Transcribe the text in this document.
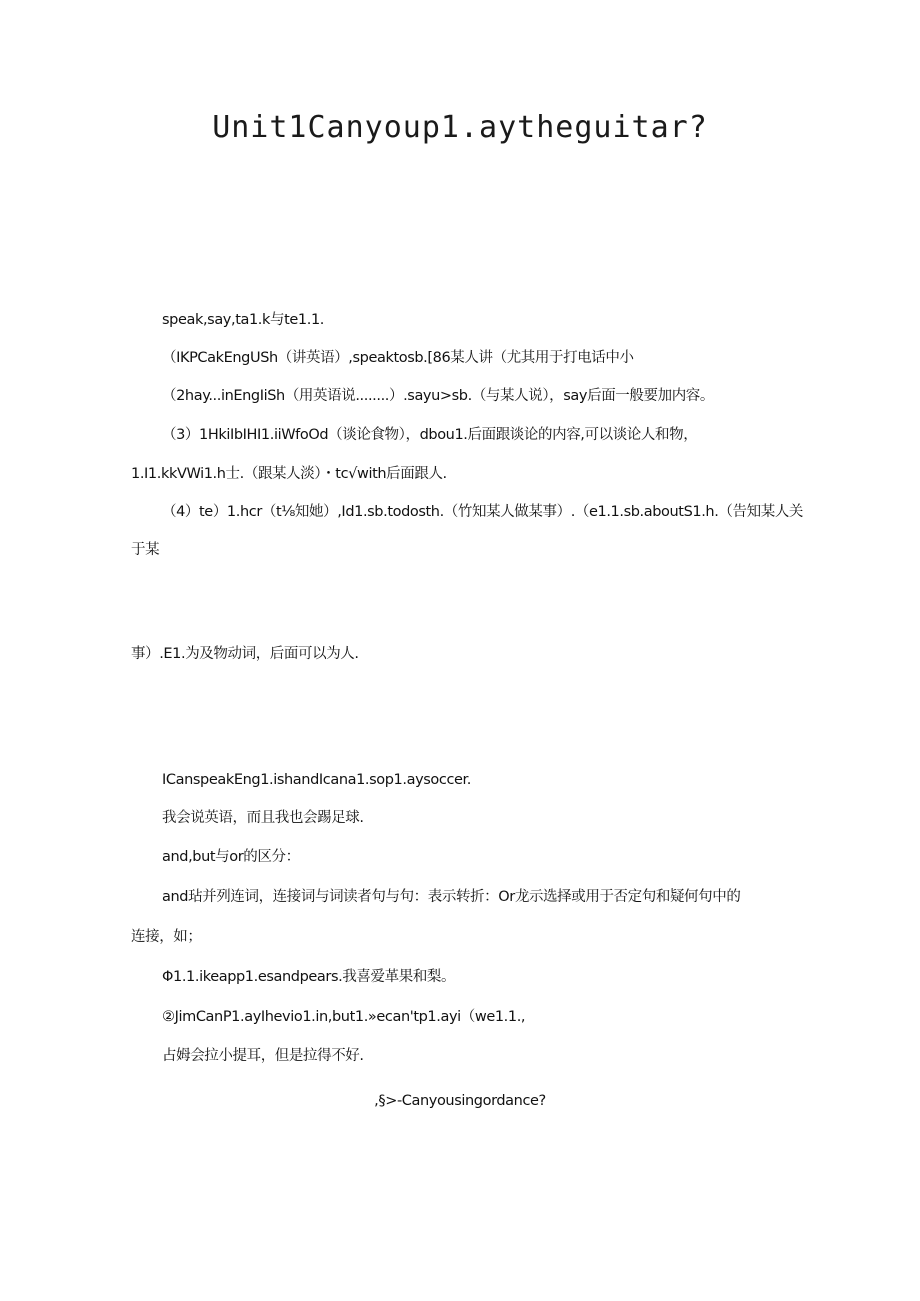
Unit1Canyoup1.aytheguitar?
speak,say,ta1.k与te1.1.
（IKPCakEngUSh（讲英语）,speaktosb.[86某人讲（尤其用于打电话中小
（2hay...inEngIiSh（用英语说........）.sayu>sb.（与某人说），say后面一般要加内容。
（3）1HkiIbIHI1.iiWfoOd（谈论食物），dbou1.后面跟谈论的内容,可以谈论人和物，
1.I1.kkVWi1.h士.（跟某人淡）・tc√with后面跟人.
（4）te）1.hcr（t⅛知她）,Id1.sb.todosth.（竹知某人做某事）.（e1.1.sb.aboutS1.h.（告知某人关
于某
事）.E1.为及物动词，后面可以为人.
ICanspeakEng1.ishandIcana1.sop1.aysoccer.
我会说英语，而且我也会踢足球.
and,but与or的区分：
and玷并列连词，连接词与词读者句与句：表示转折：Or龙示选择或用于否定句和疑何句中的
连接，如；
Φ1.1.ikeapp1.esandpears.我喜爱革果和梨。
②JimCanP1.ayIhevio1.in,but1.»ecan'tp1.ayi（we1.1.,
占姆会拉小提耳，但是拉得不好.
,§>-Canyousingordance?
